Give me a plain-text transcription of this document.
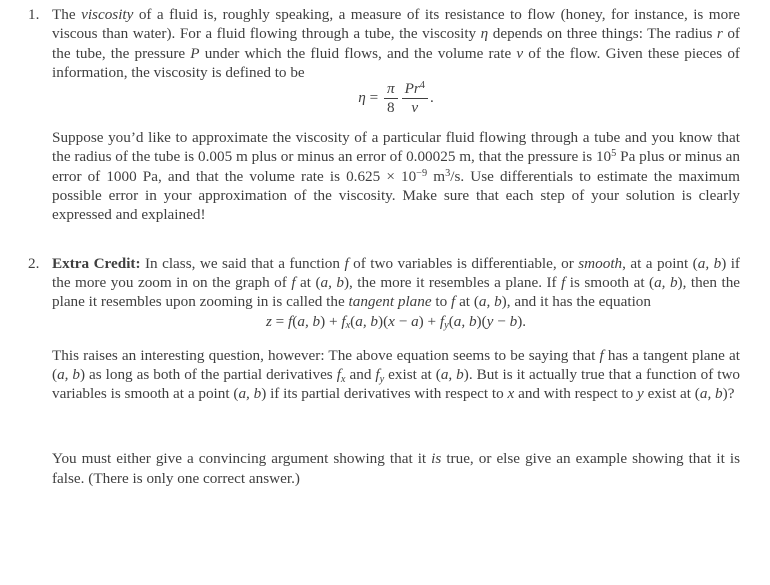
1. The viscosity of a fluid is, roughly speaking, a measure of its resistance to flow (honey, for instance, is more viscous than water). For a fluid flowing through a tube, the viscosity η depends on three things: The radius r of the tube, the pressure P under which the fluid flows, and the volume rate v of the flow. Given these pieces of information, the viscosity is defined to be

$\eta = \frac{\pi}{8} \frac{Pr^4}{v}$ .

Suppose you’d like to approximate the viscosity of a particular fluid flowing through a tube and you know that the radius of the tube is 0.005 m plus or minus an error of 0.00025 m, that the pressure is $10^5$ Pa plus or minus an error of 1000 Pa, and that the volume rate is $0.625 \times 10^{-9}$ $m^3/s$. Use differentials to estimate the maximum possible error in your approximation of the viscosity. Make sure that each step of your solution is clearly expressed and explained!

2. Extra Credit: In class, we said that a function f of two variables is differentiable, or smooth, at a point (a, b) if the more you zoom in on the graph of f at (a, b), the more it resembles a plane. If f is smooth at (a, b), then the plane it resembles upon zooming in is called the tangent plane to f at (a, b), and it has the equation

z = f(a, b) + fx(a, b)(x − a) + fy(a, b)(y − b).

This raises an interesting question, however: The above equation seems to be saying that f has a tangent plane at (a, b) as long as both of the partial derivatives fx and fy exist at (a, b). But is it actually true that a function of two variables is smooth at a point (a, b) if its partial derivatives with respect to x and with respect to y exist at (a, b)?

You must either give a convincing argument showing that it is true, or else give an example showing that it is false. (There is only one correct answer.)
